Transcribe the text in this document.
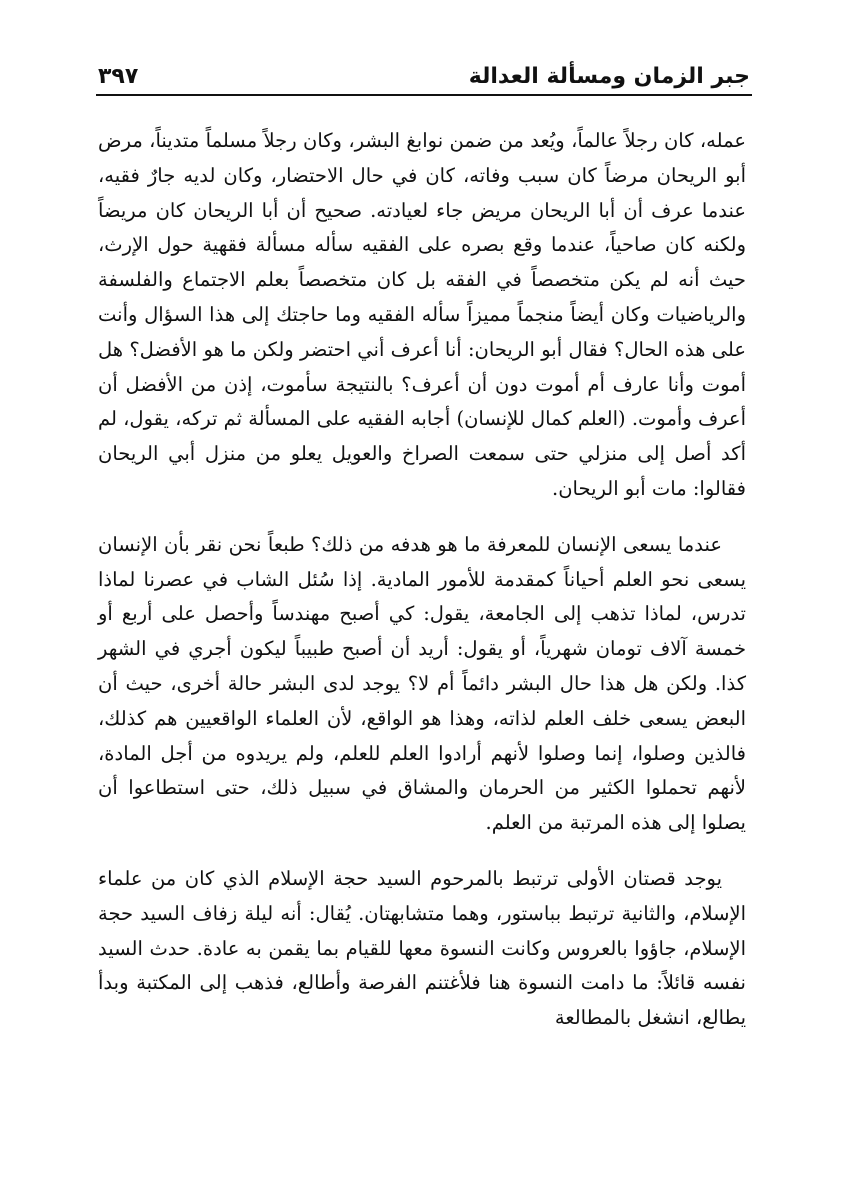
جبر الزمان ومسألة العدالة
٣٩٧

عمله، كان رجلاً عالماً، ويُعد من ضمن نوابغ البشر، وكان رجلاً مسلماً متديناً، مرض أبو الريحان مرضاً كان سبب وفاته، كان في حال الاحتضار، وكان لديه جارٌ فقيه، عندما عرف أن أبا الريحان مريض جاء لعيادته. صحيح أن أبا الريحان كان مريضاً ولكنه كان صاحياً، عندما وقع بصره على الفقيه سأله مسألة فقهية حول الإرث، حيث أنه لم يكن متخصصاً في الفقه بل كان متخصصاً بعلم الاجتماع والفلسفة والرياضيات وكان أيضاً منجماً مميزاً سأله الفقيه وما حاجتك إلى هذا السؤال وأنت على هذه الحال؟ فقال أبو الريحان: أنا أعرف أني احتضر ولكن ما هو الأفضل؟ هل أموت وأنا عارف أم أموت دون أن أعرف؟ بالنتيجة سأموت، إذن من الأفضل أن أعرف وأموت. (العلم كمال للإنسان) أجابه الفقيه على المسألة ثم تركه، يقول، لم أكد أصل إلى منزلي حتى سمعت الصراخ والعويل يعلو من منزل أبي الريحان فقالوا: مات أبو الريحان.

عندما يسعى الإنسان للمعرفة ما هو هدفه من ذلك؟ طبعاً نحن نقر بأن الإنسان يسعى نحو العلم أحياناً كمقدمة للأمور المادية. إذا سُئل الشاب في عصرنا لماذا تدرس، لماذا تذهب إلى الجامعة، يقول: كي أصبح مهندساً وأحصل على أربع أو خمسة آلاف تومان شهرياً، أو يقول: أريد أن أصبح طبيباً ليكون أجري في الشهر كذا. ولكن هل هذا حال البشر دائماً أم لا؟ يوجد لدى البشر حالة أخرى، حيث أن البعض يسعى خلف العلم لذاته، وهذا هو الواقع، لأن العلماء الواقعيين هم كذلك، فالذين وصلوا، إنما وصلوا لأنهم أرادوا العلم للعلم، ولم يريدوه من أجل المادة، لأنهم تحملوا الكثير من الحرمان والمشاق في سبيل ذلك، حتى استطاعوا أن يصلوا إلى هذه المرتبة من العلم.

يوجد قصتان الأولى ترتبط بالمرحوم السيد حجة الإسلام الذي كان من علماء الإسلام، والثانية ترتبط بباستور، وهما متشابهتان. يُقال: أنه ليلة زفاف السيد حجة الإسلام، جاؤوا بالعروس وكانت النسوة معها للقيام بما يقمن به عادة. حدث السيد نفسه قائلاً: ما دامت النسوة هنا فلأغتنم الفرصة وأطالع، فذهب إلى المكتبة وبدأ يطالع، انشغل بالمطالعة
